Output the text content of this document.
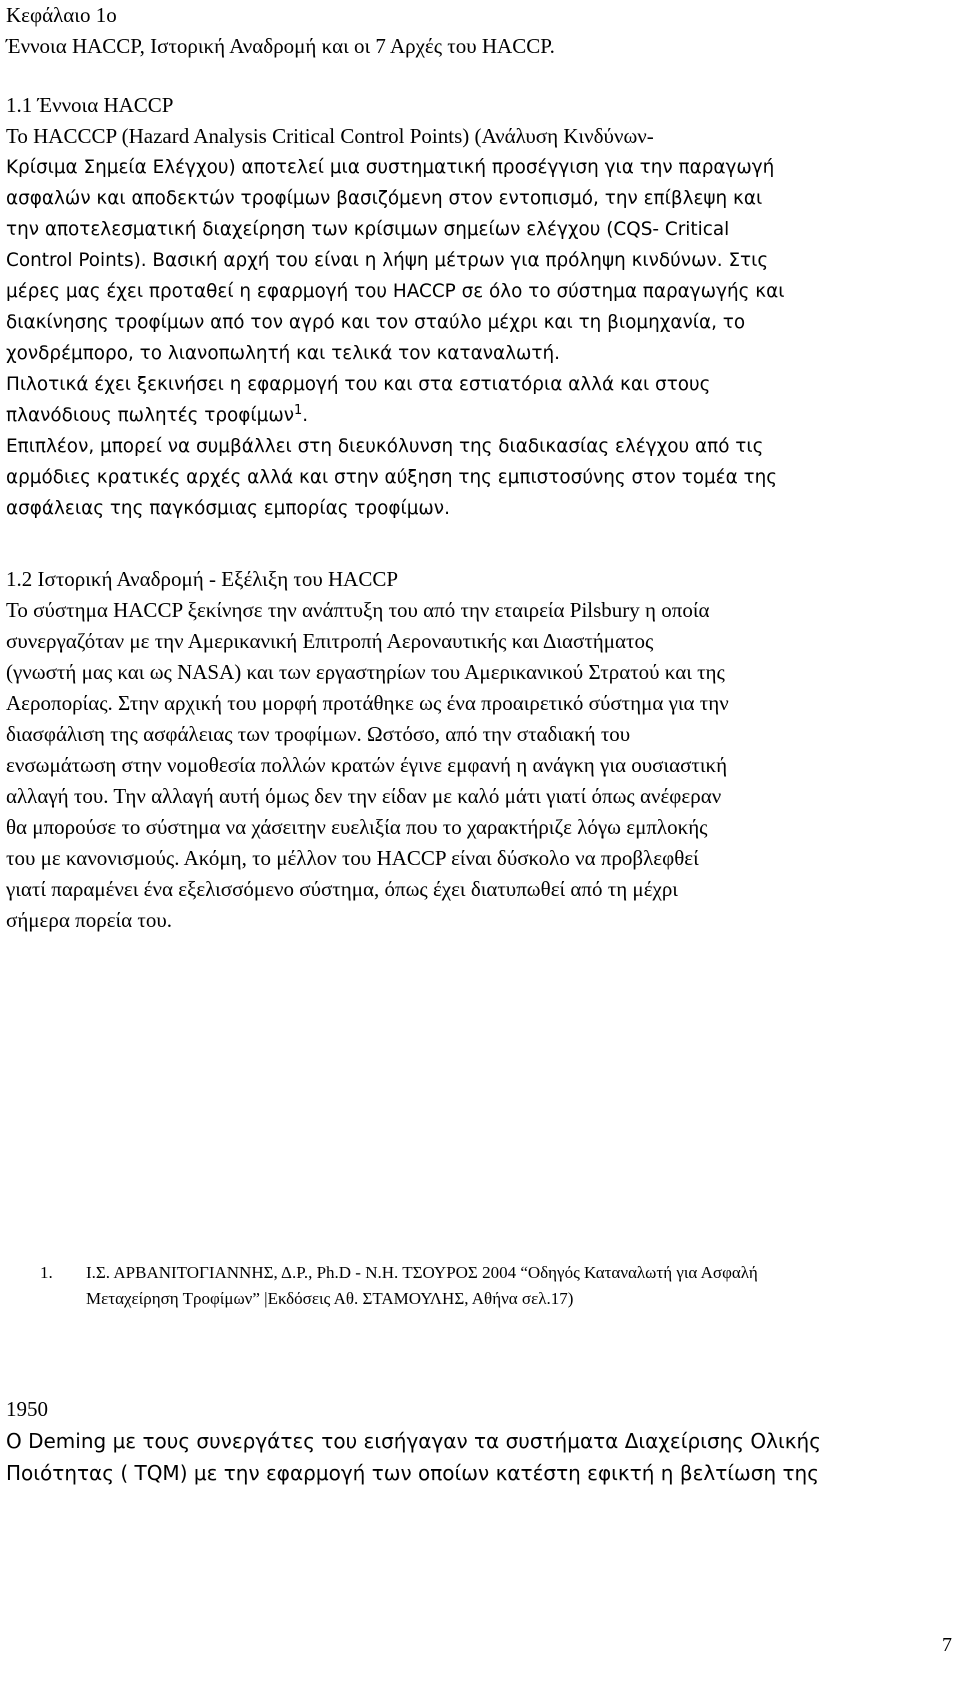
Κεφάλαιο 1ο
Έννοια HACCP, Ιστορική Αναδρομή και οι 7 Αρχές του HACCP.
1.1 Έννοια HACCP
Το HACCCP (Hazard Analysis Critical Control Points) (Ανάλυση Κινδύνων-
Κρίσιμα Σημεία Ελέγχου) αποτελεί μια συστηματική προσέγγιση για την παραγωγή
ασφαλών και αποδεκτών τροφίμων βασιζόμενη στον εντοπισμό, την επίβλεψη και
την αποτελεσματική διαχείρηση των κρίσιμων σημείων ελέγχου (CQS- Critical
Control Points). Βασική αρχή του είναι η λήψη μέτρων για πρόληψη κινδύνων. Στις
μέρες μας έχει προταθεί η εφαρμογή του HACCP σε όλο το σύστημα παραγωγής και
διακίνησης τροφίμων από τον αγρό και τον σταύλο μέχρι και τη βιομηχανία, το
χονδρέμπορο, το λιανοπωλητή και τελικά τον καταναλωτή.
Πιλοτικά έχει ξεκινήσει η εφαρμογή του και στα εστιατόρια αλλά και στους
πλανόδιους πωλητές τροφίμων$^1$.
Επιπλέον, μπορεί να συμβάλλει στη διευκόλυνση της διαδικασίας ελέγχου από τις
αρμόδιες κρατικές αρχές αλλά και στην αύξηση της εμπιστοσύνης στον τομέα της
ασφάλειας της παγκόσμιας εμπορίας τροφίμων.
1.2 Ιστορική Αναδρομή - Εξέλιξη του HACCP
Το σύστημα HACCP ξεκίνησε την ανάπτυξη του από την εταιρεία Pilsbury η οποία
συνεργαζόταν με την Αμερικανική Επιτροπή Αεροναυτικής και Διαστήματος
(γνωστή μας και ως NASA) και των εργαστηρίων του Αμερικανικού Στρατού και της
Αεροπορίας. Στην αρχική του μορφή προτάθηκε ως ένα προαιρετικό σύστημα για την
διασφάλιση της ασφάλειας των τροφίμων. Ωστόσο, από την σταδιακή του
ενσωμάτωση στην νομοθεσία πολλών κρατών έγινε εμφανή η ανάγκη για ουσιαστική
αλλαγή του. Την αλλαγή αυτή όμως δεν την είδαν με καλό μάτι γιατί όπως ανέφεραν
θα μπορούσε το σύστημα να χάσειτην ευελιξία που το χαρακτήριζε λόγω εμπλοκής
του με κανονισμούς. Ακόμη, το μέλλον του HACCP είναι δύσκολο να προβλεφθεί
γιατί παραμένει ένα εξελισσόμενο σύστημα, όπως έχει διατυπωθεί από τη μέχρι
σήμερα πορεία του.
1. Ι.Σ. ΑΡΒΑΝΙΤΟΓΙΑΝΝΗΣ, Δ.Ρ., Ph.D - Ν.Η. ΤΣΟΥΡΟΣ 2004 “Οδηγός Καταναλωτή για Ασφαλή
Μεταχείρηση Τροφίμων” |Εκδόσεις Αθ. ΣΤΑΜΟΥΛΗΣ, Αθήνα σελ.17)
1950
Ο Deming με τους συνεργάτες του εισήγαγαν τα συστήματα Διαχείρισης Ολικής
Ποιότητας ( TQM) με την εφαρμογή των οποίων κατέστη εφικτή η βελτίωση της
7
